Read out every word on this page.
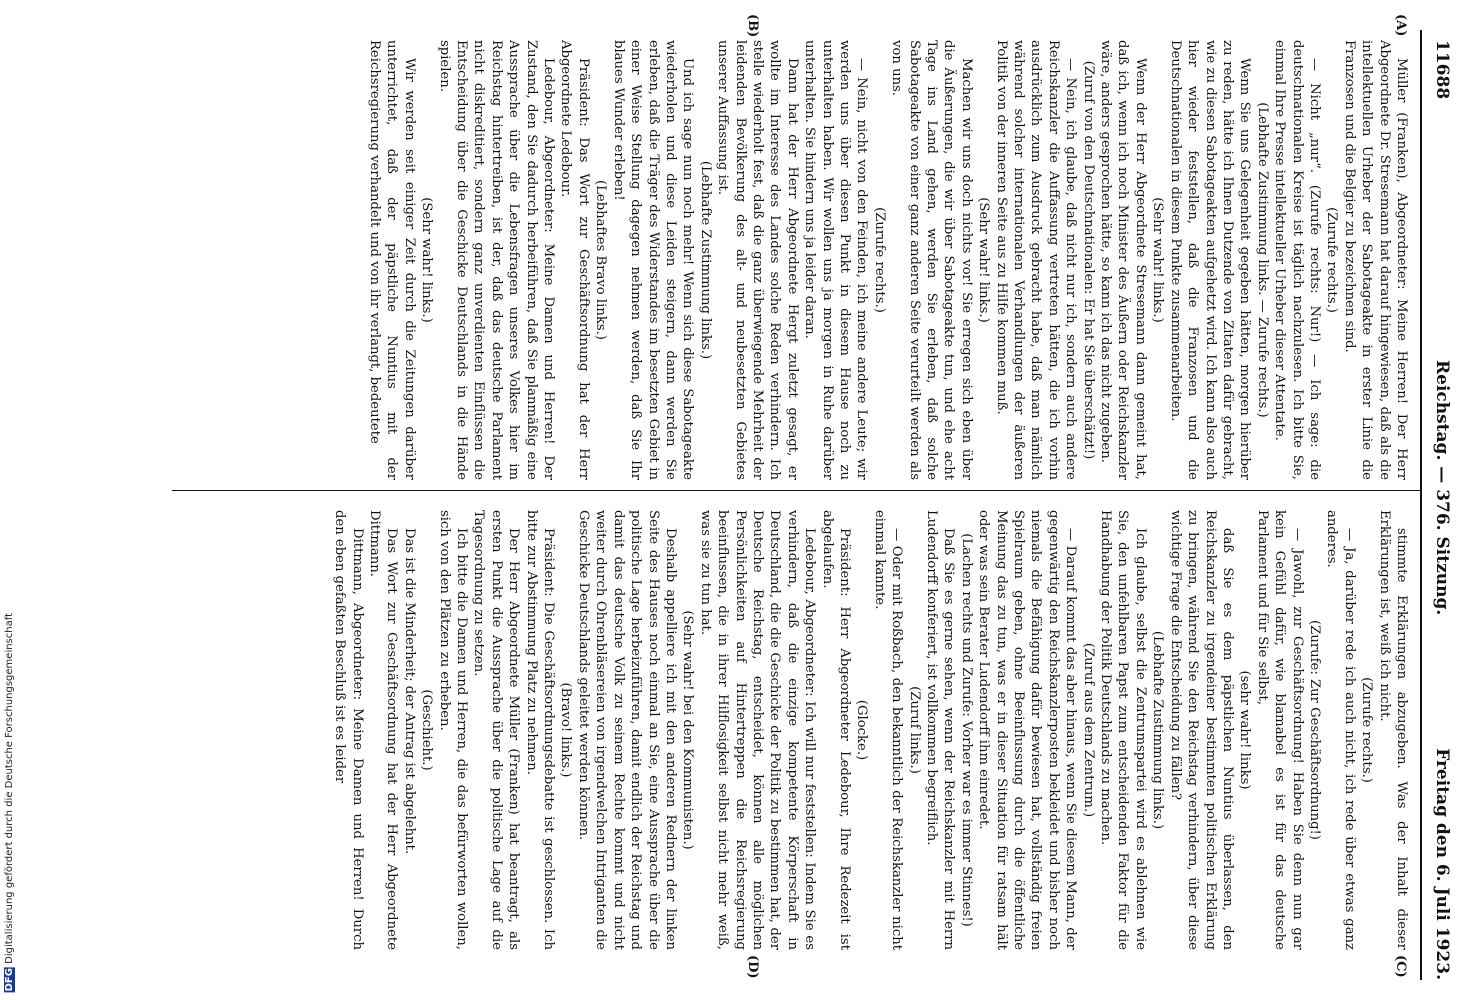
11688
Reichstag. — 376. Sitzung.
Freitag den 6. Juli 1923.
(A)
(B)
(C)
(D)

Müller (Franken), Abgeordneter: Meine Herren! Der Herr Abgeordnete Dr. Stresemann hat darauf hingewiesen, daß als die intellektuellen Urheber der Sabotageakte in erster Linie die Franzosen und die Belgier zu bezeichnen sind.

(Zurufe rechts.)

— Nicht „nur“. (Zurufe rechts: Nur!) — Ich sage: die deutschnationalen Kreise ist täglich nachzulesen. Ich bitte Sie, einmal Ihre Presse intellektueller Urheber dieser Attentate.

(Lebhafte Zustimmung links. — Zurufe rechts.)

Wenn Sie uns Gelegenheit gegeben hätten, morgen hierüber zu reden, hätte ich Ihnen Dutzende von Zitaten dafür gebracht, wie zu diesen Sabotageakten aufgehetzt wird. Ich kann also auch hier wieder feststellen, daß die Franzosen und die Deutschnationalen in diesem Punkte zusammenarbeiten.

(Sehr wahr! links.)

Wenn der Herr Abgeordnete Stresemann dann gemeint hat, daß ich, wenn ich noch Minister des Äußern oder Reichskanzler wäre, anders gesprochen hätte, so kann ich das nicht zugeben.

(Zuruf von den Deutschnationalen: Er hat Sie überschätzt!)

— Nein, ich glaube, daß nicht nur ich, sondern auch andere Reichskanzler die Auffassung vertreten hätten, die ich vorhin ausdrücklich zum Ausdruck gebracht habe, daß man nämlich während solcher internationalen Verhandlungen der äußeren Politik von der inneren Seite aus zu Hilfe kommen muß.

(Sehr wahr! links.)

Machen wir uns doch nichts vor! Sie erregen sich eben über die Äußerungen, die wir über Sabotageakte tun, und ehe acht Tage ins Land gehen, werden Sie erleben, daß solche Sabotageakte von einer ganz anderen Seite verurteilt werden als von uns.

(Zurufe rechts.)

— Nein, nicht von den Feinden, ich meine andere Leute; wir werden uns über diesen Punkt in diesem Hause noch zu unterhalten haben. Wir wollen uns ja morgen in Ruhe darüber unterhalten. Sie hindern uns ja leider daran.

Dann hat der Herr Abgeordnete Hergt zuletzt gesagt, er wollte im Interesse des Landes solche Reden verhindern. Ich stelle wiederholt fest, daß die ganz überwiegende Mehrheit der leidenden Bevölkerung des alt- und neubesetzten Gebietes unserer Auffassung ist.

(Lebhafte Zustimmung links.)

Und ich sage nun noch mehr! Wenn sich diese Sabotageakte wiederholen und diese Leiden steigern, dann werden Sie erleben, daß die Träger des Widerstandes im besetzten Gebiet in einer Weise Stellung dagegen nehmen werden, daß Sie Ihr blaues Wunder erleben!

(Lebhaftes Bravo links.)

Präsident: Das Wort zur Geschäftsordnung hat der Herr Abgeordnete Ledebour.

Ledebour, Abgeordneter: Meine Damen und Herren! Der Zustand, den Sie dadurch herbeiführen, daß Sie planmäßig eine Aussprache über die Lebensfragen unseres Volkes hier im Reichstag hintertreiben, ist der, daß das deutsche Parlament nicht diskreditiert, sondern ganz unverdienten Einflüssen die Entscheidung über die Geschicke Deutschlands in die Hände spielen.

(Sehr wahr! links.)

Wir werden seit einiger Zeit durch die Zeitungen darüber unterrichtet, daß der päpstliche Nuntius mit der Reichsregierung verhandelt und von ihr verlangt, bedeutete

stimmte Erklärungen abzugeben. Was der Inhalt dieser Erklärungen ist, weiß ich nicht.

(Zurufe rechts.)

— Ja, darüber rede ich auch nicht, ich rede über etwas ganz anderes.

(Zurufe: Zur Geschäftsordnung!)

— Jawohl, zur Geschäftsordnung! Haben Sie denn nun gar kein Gefühl dafür, wie blamabel es ist für das deutsche Parlament und für Sie selbst,

(sehr wahr! links)

daß Sie es dem päpstlichen Nuntius überlassen, den Reichskanzler zu irgendeiner bestimmten politischen Erklärung zu bringen, während Sie den Reichstag verhindern, über diese wichtige Frage die Entscheidung zu fällen?

(Lebhafte Zustimmung links.)

Ich glaube, selbst die Zentrumspartei wird es ablehnen wie Sie, den unfehlbaren Papst zum entscheidenden Faktor für die Handhabung der Politik Deutschlands zu machen.

(Zuruf aus dem Zentrum.)

— Darauf kommt das aber hinaus, wenn Sie diesem Mann, der gegenwärtig den Reichskanzlerposten bekleidet und bisher noch niemals die Befähigung dafür bewiesen hat, vollständig freien Spielraum geben, ohne Beeinflussung durch die öffentliche Meinung das zu tun, was er in dieser Situation für ratsam hält oder was sein Berater Ludendorff ihm einredet.

(Lachen rechts und Zurufe: Vorher war es immer Stinnes!)

Daß Sie es gerne sehen, wenn der Reichskanzler mit Herrn Ludendorff konferiert, ist vollkommen begreiflich.

(Zuruf links.)

— Oder mit Roßbach, den bekanntlich der Reichskanzler nicht einmal kannte.

(Glocke.)

Präsident: Herr Abgeordneter Ledebour, Ihre Redezeit ist abgelaufen.

Ledebour, Abgeordneter: Ich will nur feststellen: Indem Sie es verhindern, daß die einzige kompetente Körperschaft in Deutschland, die die Geschicke der Politik zu bestimmen hat, der Deutsche Reichstag, entscheidet, können alle möglichen Persönlichkeiten auf Hintertreppen die Reichsregierung beeinflussen, die in ihrer Hilflosigkeit selbst nicht mehr weiß, was sie zu tun hat.

(Sehr wahr! bei den Kommunisten.)

Deshalb appelliere ich mit den anderen Rednern der linken Seite des Hauses noch einmal an Sie, eine Aussprache über die politische Lage herbeizuführen, damit endlich der Reichstag und damit das deutsche Volk zu seinem Rechte kommt und nicht weiter durch Ohrenbläsereien von irgendwelchen Intriganten die Geschicke Deutschlands geleitet werden können.

(Bravo! links.)

Präsident: Die Geschäftsordnungsdebatte ist geschlossen. Ich bitte zur Abstimmung Platz zu nehmen.

Der Herr Abgeordnete Müller (Franken) hat beantragt, als ersten Punkt die Aussprache über die politische Lage auf die Tagesordnung zu setzen.

Ich bitte die Damen und Herren, die das befürworten wollen, sich von den Plätzen zu erheben.

(Geschieht.)

Das ist die Minderheit; der Antrag ist abgelehnt.

Das Wort zur Geschäftsordnung hat der Herr Abgeordnete Dittmann.

Dittmann, Abgeordneter: Meine Damen und Herren! Durch den eben gefaßten Beschluß ist es leider

DFG Digitalisierung gefördert durch die Deutsche Forschungsgemeinschaft
